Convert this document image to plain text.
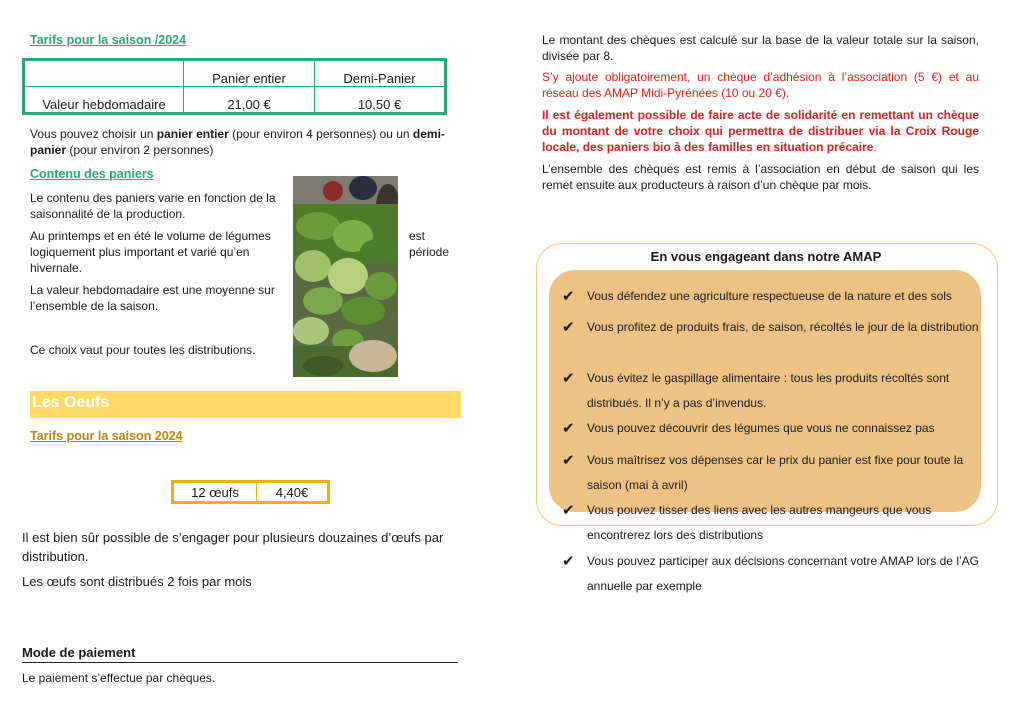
Tarifs pour la saison /2024
	Panier entier	Demi-Panier
Valeur hebdomadaire	21,00 €	10,50 €
Vous pouvez choisir un panier entier (pour environ 4 personnes) ou un demi-panier (pour environ 2 personnes)
Contenu des paniers
Le contenu des paniers varie en fonction de la saisonnalité de la production.
Au printemps et en été le volume de légumes
logiquement plus important et varié qu’en
hivernale.
est
période
La valeur hebdomadaire est une moyenne sur l’ensemble de la saison.
Ce choix vaut pour toutes les distributions.
Les Oeufs
Tarifs pour la saison 2024
12 œufs	4,40€
Il est bien sûr possible de s’engager pour plusieurs douzaines d’œufs par distribution.
Les œufs sont distribués 2 fois par mois
Mode de paiement
Le paiement s’effectue par chèques.
Le montant des chèques est calculé sur la base de la valeur totale sur la saison, divisée par 8.
S’y ajoute obligatoirement, un chèque d’adhésion à l’association (5 €) et au réseau des AMAP Midi-Pyrénées (10 ou 20 €).
Il est également possible de faire acte de solidarité en remettant un chèque du montant de votre choix qui permettra de distribuer via la Croix Rouge locale, des paniers bio à des familles en situation précaire.
L’ensemble des chèques est remis à l’association en début de saison qui les remet ensuite aux producteurs à raison d’un chèque par mois.
En vous engageant dans notre AMAP
✔ Vous défendez une agriculture respectueuse de la nature et des sols
✔ Vous profitez de produits frais, de saison, récoltés le jour de la distribution
✔ Vous évitez le gaspillage alimentaire : tous les produits récoltés sont distribués. Il n’y a pas d’invendus.
✔ Vous pouvez découvrir des légumes que vous ne connaissez pas
✔ Vous maîtrisez vos dépenses car le prix du panier est fixe pour toute la saison (mai à avril)
✔ Vous pouvez tisser des liens avec les autres mangeurs que vous encontrerez lors des distributions
✔ Vous pouvez participer aux décisions concernant votre AMAP lors de l’AG annuelle par exemple
